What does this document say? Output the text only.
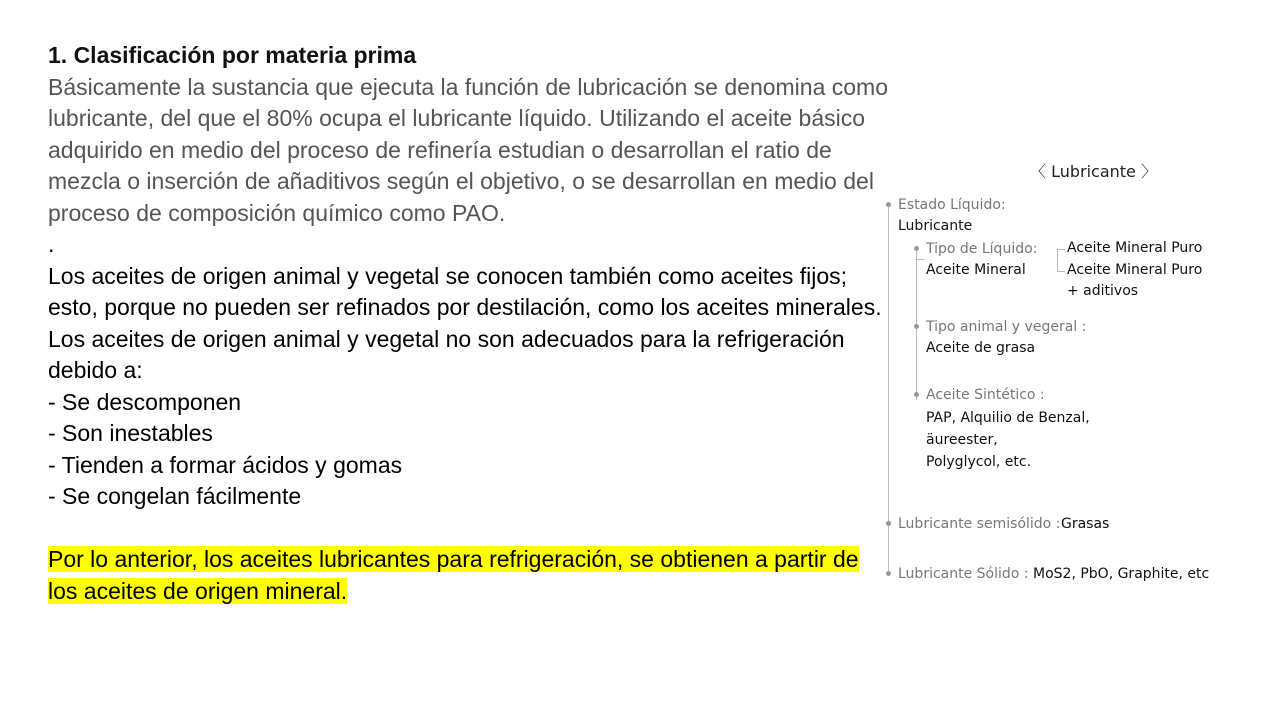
1. Clasificación por materia prima

Básicamente la sustancia que ejecuta la función de lubricación se denomina como lubricante, del que el 80% ocupa el lubricante líquido. Utilizando el aceite básico adquirido en medio del proceso de refinería estudian o desarrollan el ratio de mezcla o inserción de añaditivos según el objetivo, o se desarrollan en medio del proceso de composición químico como PAO.

.

Los aceites de origen animal y vegetal se conocen también como aceites fijos; esto, porque no pueden ser refinados por destilación, como los aceites minerales. Los aceites de origen animal y vegetal no son adecuados para la refrigeración debido a:

- Se descomponen

- Son inestables

- Tienden a formar ácidos y gomas

- Se congelan fácilmente

Por lo anterior, los aceites lubricantes para refrigeración, se obtienen a partir de los aceites de origen mineral.

〈 Lubricante 〉
Estado Líquido:
Lubricante
Tipo de Líquido:
Aceite Mineral
Aceite Mineral Puro
Aceite Mineral Puro
+ aditivos
Tipo animal y vegeral :
Aceite de grasa
Aceite Sintético :
PAP, Alquilio de Benzal,
äureester,
Polyglycol, etc.
Lubricante semisólido : Grasas
Lubricante Sólido : MoS2, PbO, Graphite, etc
